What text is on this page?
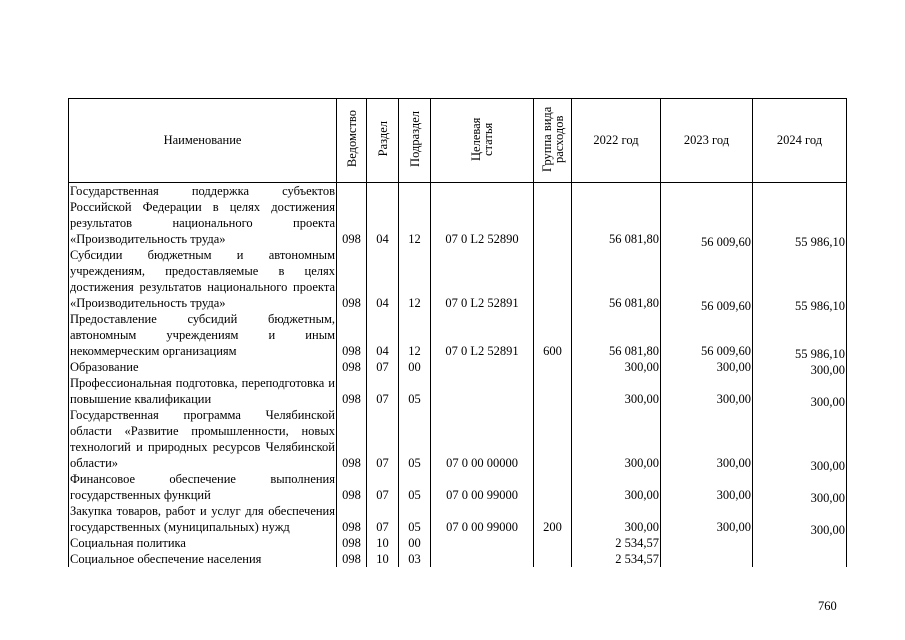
Наименование	Ведомство	Раздел	Подраздел	Целевая статья	Группа вида расходов	2022 год	2023 год	2024 год
Государственная поддержка субъектов Российской Федерации в целях достижения результатов национального проекта «Производительность труда»	098	04	12	07 0 L2 52890		56 081,80	56 009,60	55 986,10
Субсидии бюджетным и автономным учреждениям, предоставляемые в целях достижения результатов национального проекта «Производительность труда»	098	04	12	07 0 L2 52891		56 081,80	56 009,60	55 986,10
Предоставление субсидий бюджетным, автономным учреждениям и иным некоммерческим организациям	098	04	12	07 0 L2 52891	600	56 081,80	56 009,60	55 986,10
Образование	098	07	00			300,00	300,00	300,00
Профессиональная подготовка, переподготовка и повышение квалификации	098	07	05			300,00	300,00	300,00
Государственная программа Челябинской области «Развитие промышленности, новых технологий и природных ресурсов Челябинской области»	098	07	05	07 0 00 00000		300,00	300,00	300,00
Финансовое обеспечение выполнения государственных функций	098	07	05	07 0 00 99000		300,00	300,00	300,00
Закупка товаров, работ и услуг для обеспечения государственных (муниципальных) нужд	098	07	05	07 0 00 99000	200	300,00	300,00	300,00
Социальная политика	098	10	00			2 534,57		
Социальное обеспечение населения	098	10	03			2 534,57		
760
